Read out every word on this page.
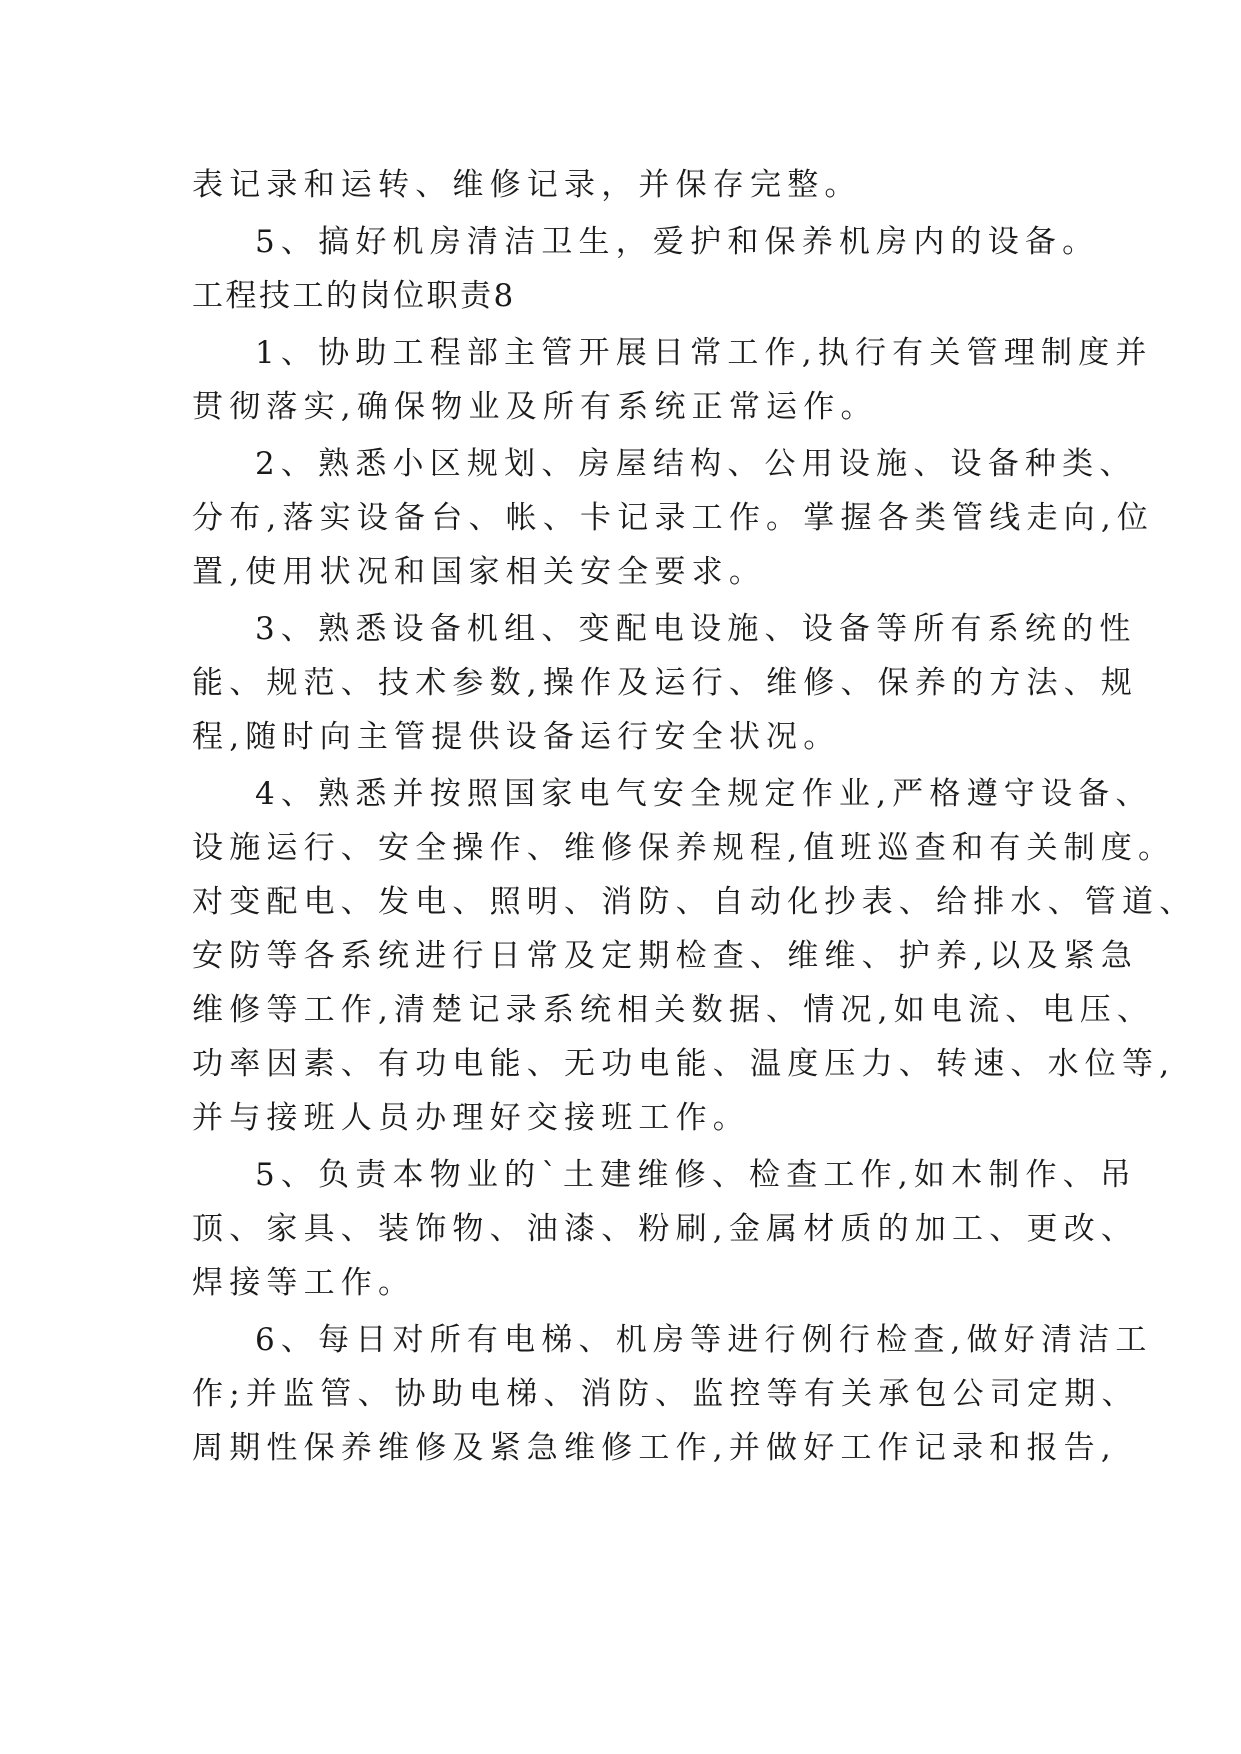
表记录和运转、维修记录，并保存完整。
5、搞好机房清洁卫生，爱护和保养机房内的设备。
工程技工的岗位职责8
1、协助工程部主管开展日常工作,执行有关管理制度并
贯彻落实,确保物业及所有系统正常运作。
2、熟悉小区规划、房屋结构、公用设施、设备种类、
分布,落实设备台、帐、卡记录工作。掌握各类管线走向,位
置,使用状况和国家相关安全要求。
3、熟悉设备机组、变配电设施、设备等所有系统的性
能、规范、技术参数,操作及运行、维修、保养的方法、规
程,随时向主管提供设备运行安全状况。
4、熟悉并按照国家电气安全规定作业,严格遵守设备、
设施运行、安全操作、维修保养规程,值班巡查和有关制度。
对变配电、发电、照明、消防、自动化抄表、给排水、管道、
安防等各系统进行日常及定期检查、维维、护养,以及紧急
维修等工作,清楚记录系统相关数据、情况,如电流、电压、
功率因素、有功电能、无功电能、温度压力、转速、水位等,
并与接班人员办理好交接班工作。
5、负责本物业的`土建维修、检查工作,如木制作、吊
顶、家具、装饰物、油漆、粉刷,金属材质的加工、更改、
焊接等工作。
6、每日对所有电梯、机房等进行例行检查,做好清洁工
作;并监管、协助电梯、消防、监控等有关承包公司定期、
周期性保养维修及紧急维修工作,并做好工作记录和报告,
